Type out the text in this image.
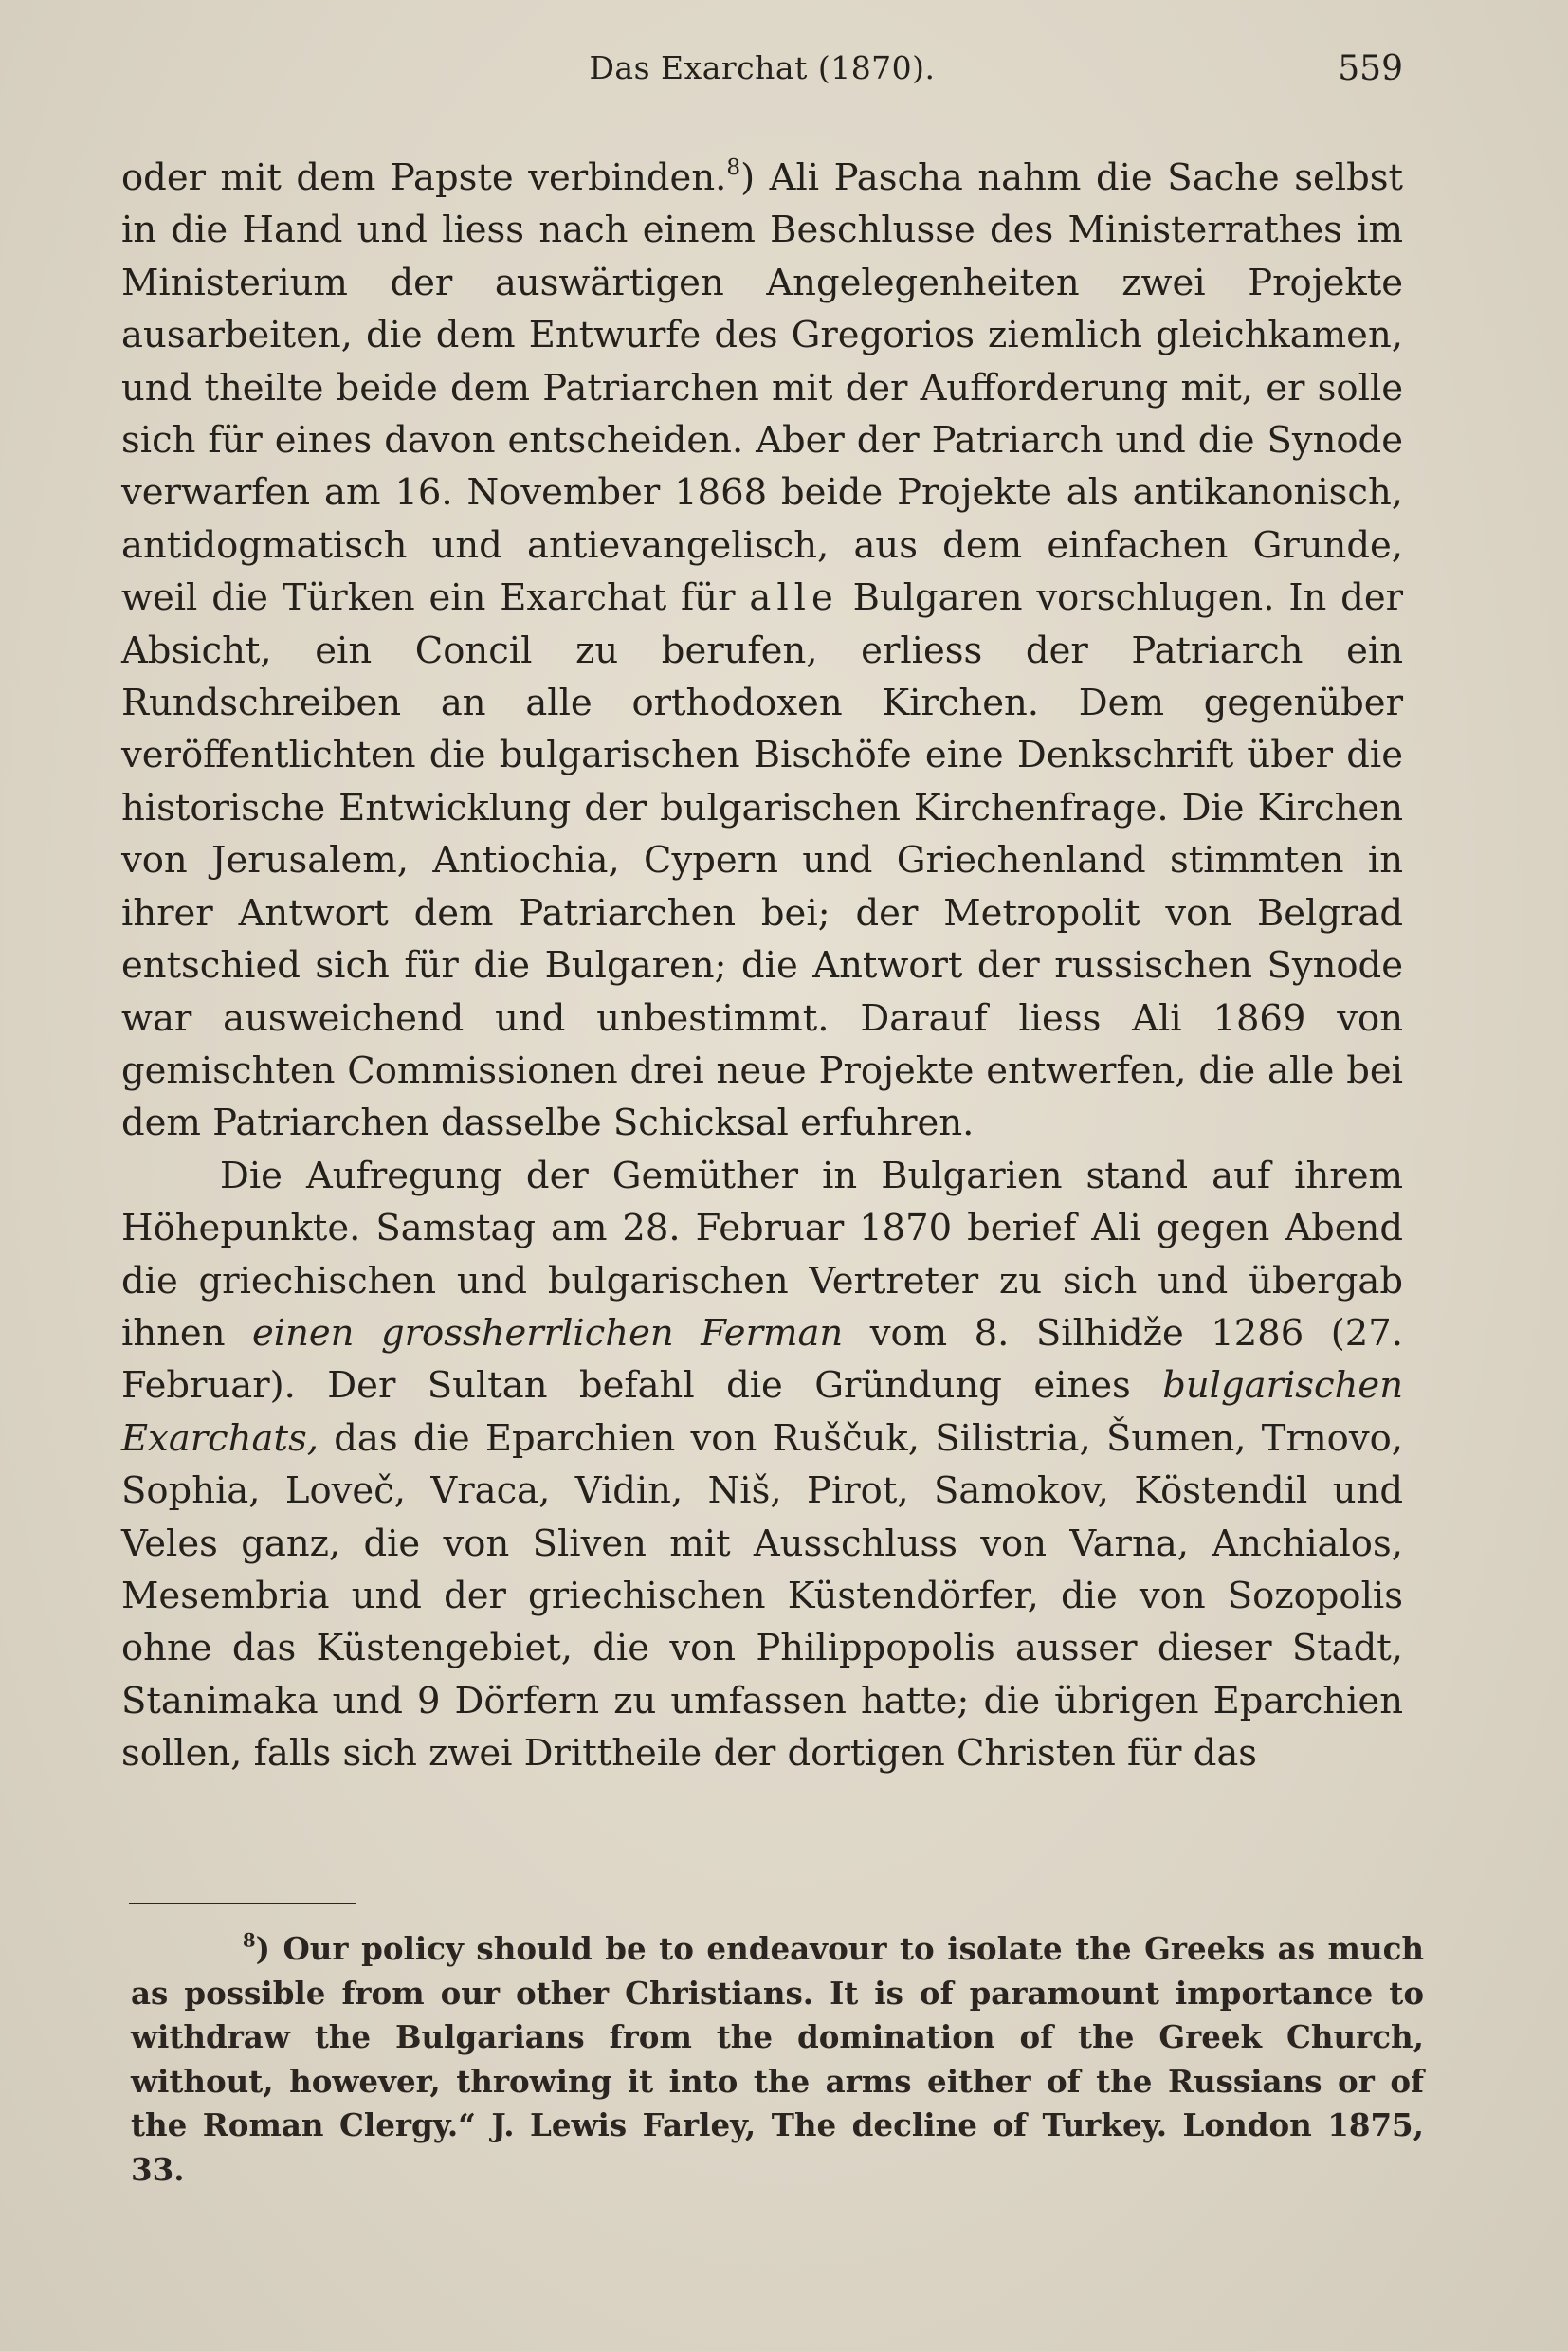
Das Exarchat (1870).	559

oder mit dem Papste verbinden.$^8$) Ali Pascha nahm die Sache selbst in die Hand und liess nach einem Beschlusse des Ministerrathes im Ministerium der auswärtigen Angelegenheiten zwei Projekte ausarbeiten, die dem Entwurfe des Gregorios ziemlich gleichkamen, und theilte beide dem Patriarchen mit der Aufforderung mit, er solle sich für eines davon entscheiden. Aber der Patriarch und die Synode verwarfen am 16. November 1868 beide Projekte als antikanonisch, antidogmatisch und antievangelisch, aus dem einfachen Grunde, weil die Türken ein Exarchat für alle Bulgaren vorschlugen. In der Absicht, ein Concil zu berufen, erliess der Patriarch ein Rundschreiben an alle orthodoxen Kirchen. Dem gegenüber veröffentlichten die bulgarischen Bischöfe eine Denkschrift über die historische Entwicklung der bulgarischen Kirchenfrage. Die Kirchen von Jerusalem, Antiochia, Cypern und Griechenland stimmten in ihrer Antwort dem Patriarchen bei; der Metropolit von Belgrad entschied sich für die Bulgaren; die Antwort der russischen Synode war ausweichend und unbestimmt. Darauf liess Ali 1869 von gemischten Commissionen drei neue Projekte entwerfen, die alle bei dem Patriarchen dasselbe Schicksal erfuhren.

Die Aufregung der Gemüther in Bulgarien stand auf ihrem Höhepunkte. Samstag am 28. Februar 1870 berief Ali gegen Abend die griechischen und bulgarischen Vertreter zu sich und übergab ihnen einen grossherrlichen Ferman vom 8. Silhidže 1286 (27. Februar). Der Sultan befahl die Gründung eines bulgarischen Exarchats, das die Eparchien von Ruščuk, Silistria, Šumen, Trnovo, Sophia, Loveč, Vraca, Vidin, Niš, Pirot, Samokov, Köstendil und Veles ganz, die von Sliven mit Ausschluss von Varna, Anchialos, Mesembria und der griechischen Küstendörfer, die von Sozopolis ohne das Küstengebiet, die von Philippopolis ausser dieser Stadt, Stanimaka und 9 Dörfern zu umfassen hatte; die übrigen Eparchien sollen, falls sich zwei Drittheile der dortigen Christen für das

$^8$) Our policy should be to endeavour to isolate the Greeks as much as possible from our other Christians. It is of paramount importance to withdraw the Bulgarians from the domination of the Greek Church, without, however, throwing it into the arms either of the Russians or of the Roman Clergy.“ J. Lewis Farley, The decline of Turkey. London 1875, 33.
